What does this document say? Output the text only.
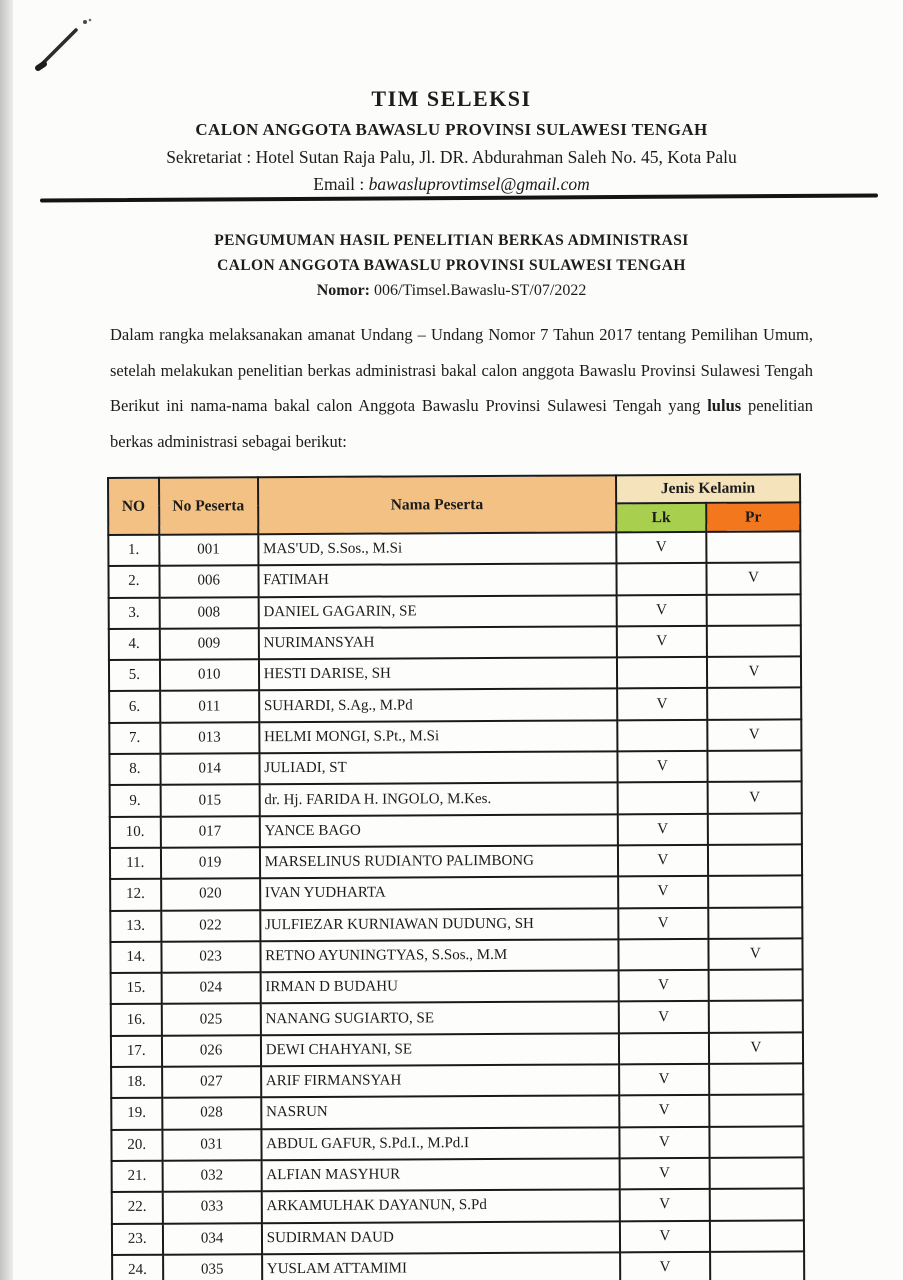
TIM SELEKSI

CALON ANGGOTA BAWASLU PROVINSI SULAWESI TENGAH

Sekretariat : Hotel Sutan Raja Palu, Jl. DR. Abdurahman Saleh No. 45, Kota Palu

Email : bawasluprovtimsel@gmail.com

PENGUMUMAN HASIL PENELITIAN BERKAS ADMINISTRASI

CALON ANGGOTA BAWASLU PROVINSI SULAWESI TENGAH

Nomor: 006/Timsel.Bawaslu-ST/07/2022

Dalam rangka melaksanakan amanat Undang – Undang Nomor 7 Tahun 2017 tentang Pemilihan Umum, setelah melakukan penelitian berkas administrasi bakal calon anggota Bawaslu Provinsi Sulawesi Tengah Berikut ini nama-nama bakal calon Anggota Bawaslu Provinsi Sulawesi Tengah yang lulus penelitian berkas administrasi sebagai berikut:
NO	No Peserta	Nama Peserta	Jenis Kelamin	
			Lk	Pr
1.	001	MAS'UD, S.Sos., M.Si	V	
2.	006	FATIMAH		V
3.	008	DANIEL GAGARIN, SE	V	
4.	009	NURIMANSYAH	V	
5.	010	HESTI DARISE, SH		V
6.	011	SUHARDI, S.Ag., M.Pd	V	
7.	013	HELMI MONGI, S.Pt., M.Si		V
8.	014	JULIADI, ST	V	
9.	015	dr. Hj. FARIDA H. INGOLO, M.Kes.		V
10.	017	YANCE BAGO	V	
11.	019	MARSELINUS RUDIANTO PALIMBONG	V	
12.	020	IVAN YUDHARTA	V	
13.	022	JULFIEZAR KURNIAWAN DUDUNG, SH	V	
14.	023	RETNO AYUNINGTYAS, S.Sos., M.M		V
15.	024	IRMAN D BUDAHU	V	
16.	025	NANANG SUGIARTO, SE	V	
17.	026	DEWI CHAHYANI, SE		V
18.	027	ARIF FIRMANSYAH	V	
19.	028	NASRUN	V	
20.	031	ABDUL GAFUR, S.Pd.I., M.Pd.I	V	
21.	032	ALFIAN MASYHUR	V	
22.	033	ARKAMULHAK DAYANUN, S.Pd	V	
23.	034	SUDIRMAN DAUD	V	
24.	035	YUSLAM ATTAMIMI	V	
